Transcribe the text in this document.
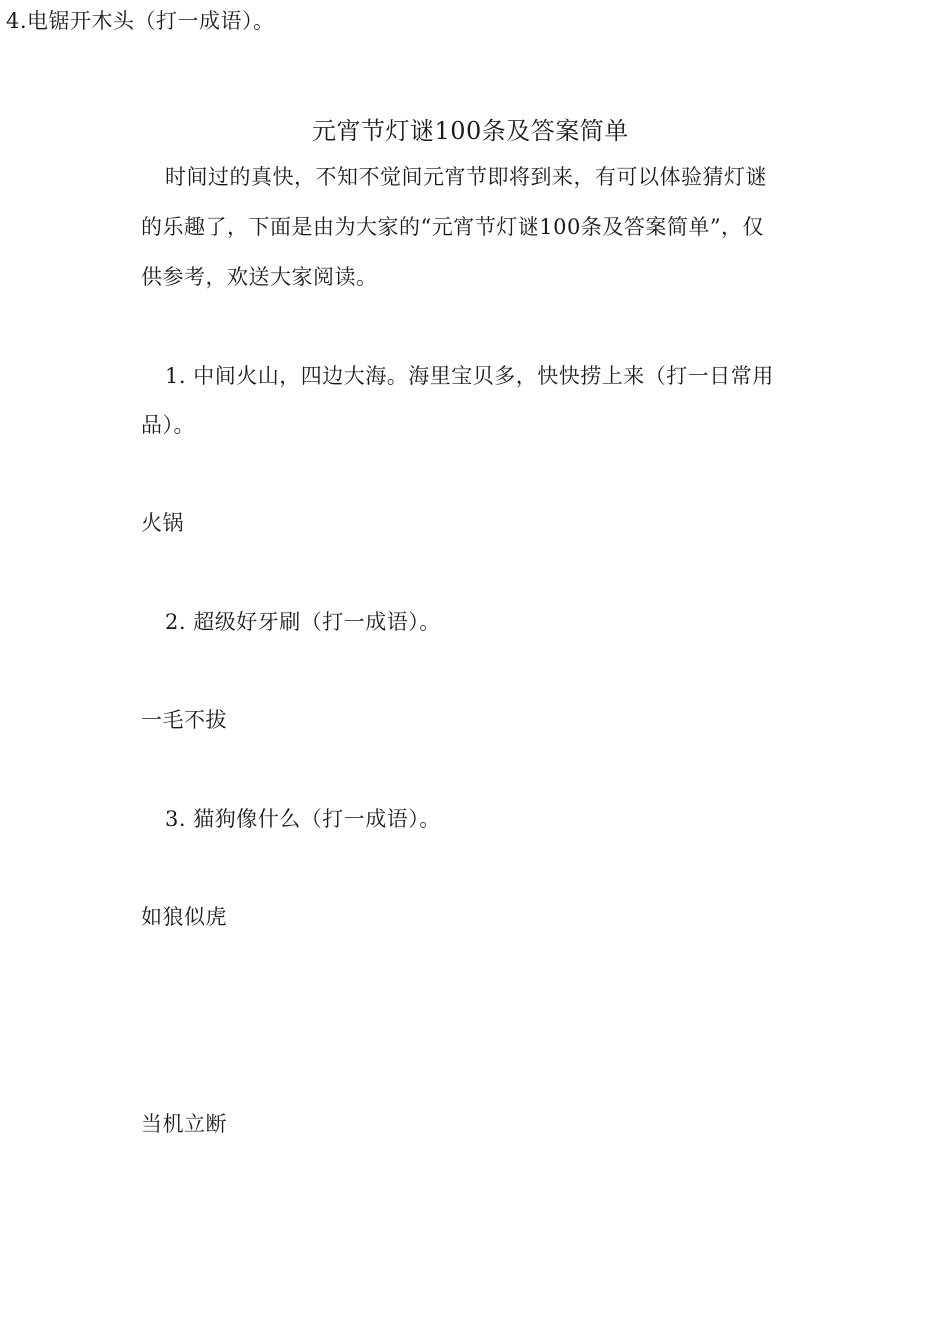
4.电锯开木头（打一成语）。
元宵节灯谜100条及答案简单
时间过的真快，不知不觉间元宵节即将到来，有可以体验猜灯谜
的乐趣了，下面是由为大家的“元宵节灯谜100条及答案简单”，仅
供参考，欢送大家阅读。
1. 中间火山，四边大海。海里宝贝多，快快捞上来（打一日常用
品）。
火锅
2. 超级好牙刷（打一成语）。
一毛不拔
3. 猫狗像什么（打一成语）。
如狼似虎
当机立断
